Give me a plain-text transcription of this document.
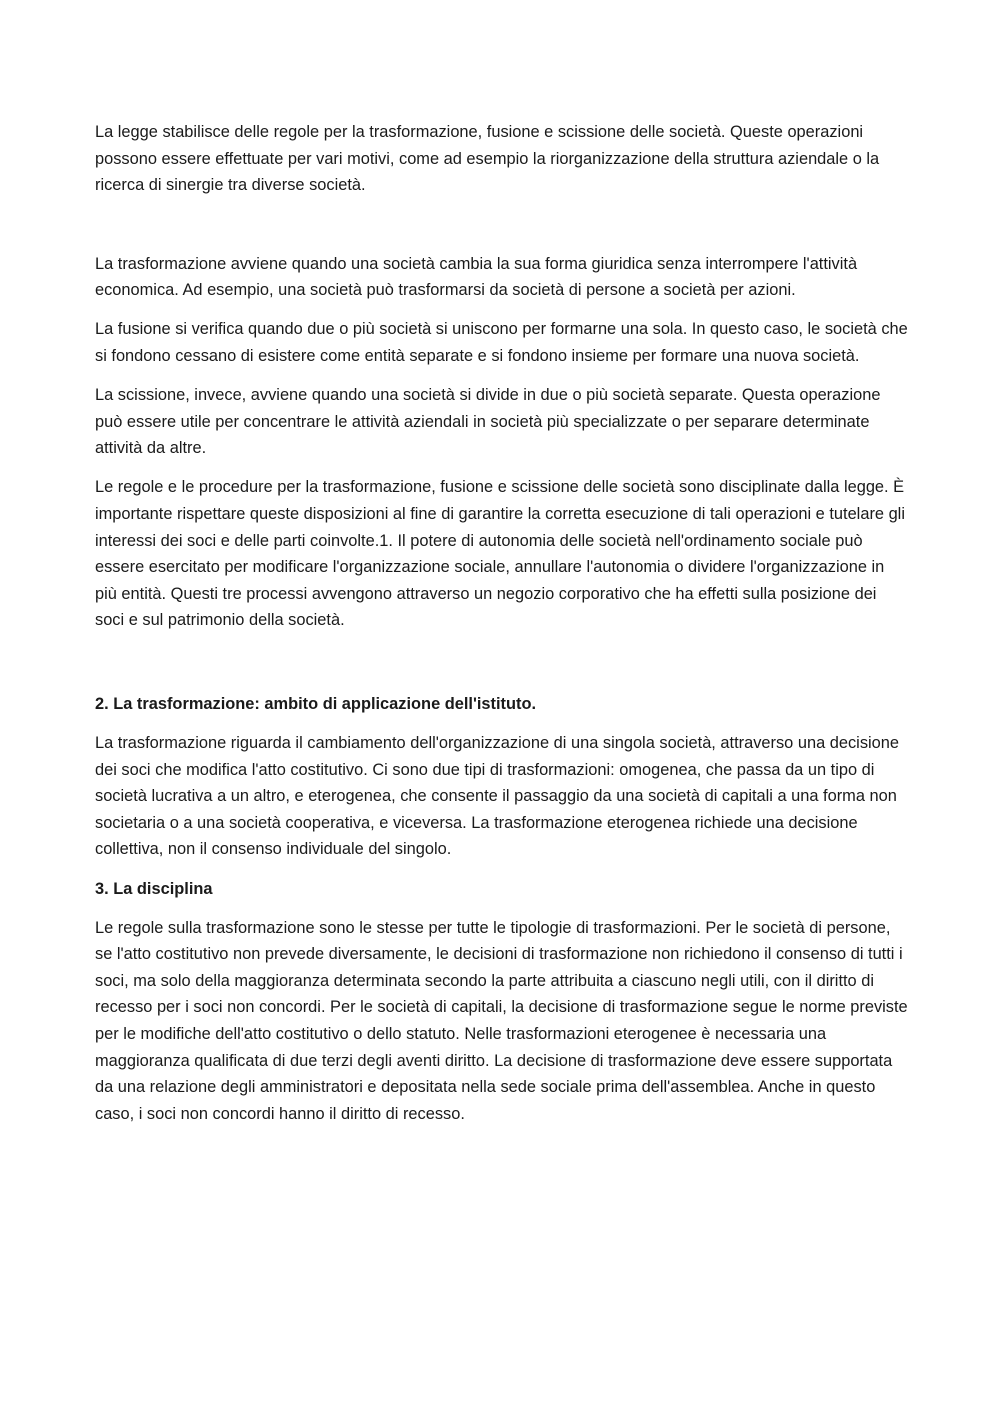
La legge stabilisce delle regole per la trasformazione, fusione e scissione delle società. Queste operazioni possono essere effettuate per vari motivi, come ad esempio la riorganizzazione della struttura aziendale o la ricerca di sinergie tra diverse società.

La trasformazione avviene quando una società cambia la sua forma giuridica senza interrompere l'attività economica. Ad esempio, una società può trasformarsi da società di persone a società per azioni.

La fusione si verifica quando due o più società si uniscono per formarne una sola. In questo caso, le società che si fondono cessano di esistere come entità separate e si fondono insieme per formare una nuova società.

La scissione, invece, avviene quando una società si divide in due o più società separate. Questa operazione può essere utile per concentrare le attività aziendali in società più specializzate o per separare determinate attività da altre.

Le regole e le procedure per la trasformazione, fusione e scissione delle società sono disciplinate dalla legge. È importante rispettare queste disposizioni al fine di garantire la corretta esecuzione di tali operazioni e tutelare gli interessi dei soci e delle parti coinvolte.1. Il potere di autonomia delle società nell'ordinamento sociale può essere esercitato per modificare l'organizzazione sociale, annullare l'autonomia o dividere l'organizzazione in più entità. Questi tre processi avvengono attraverso un negozio corporativo che ha effetti sulla posizione dei soci e sul patrimonio della società.

2. La trasformazione: ambito di applicazione dell'istituto.

La trasformazione riguarda il cambiamento dell'organizzazione di una singola società, attraverso una decisione dei soci che modifica l'atto costitutivo. Ci sono due tipi di trasformazioni: omogenea, che passa da un tipo di società lucrativa a un altro, e eterogenea, che consente il passaggio da una società di capitali a una forma non societaria o a una società cooperativa, e viceversa. La trasformazione eterogenea richiede una decisione collettiva, non il consenso individuale del singolo.

3. La disciplina

Le regole sulla trasformazione sono le stesse per tutte le tipologie di trasformazioni. Per le società di persone, se l'atto costitutivo non prevede diversamente, le decisioni di trasformazione non richiedono il consenso di tutti i soci, ma solo della maggioranza determinata secondo la parte attribuita a ciascuno negli utili, con il diritto di recesso per i soci non concordi. Per le società di capitali, la decisione di trasformazione segue le norme previste per le modifiche dell'atto costitutivo o dello statuto. Nelle trasformazioni eterogenee è necessaria una maggioranza qualificata di due terzi degli aventi diritto. La decisione di trasformazione deve essere supportata da una relazione degli amministratori e depositata nella sede sociale prima dell'assemblea. Anche in questo caso, i soci non concordi hanno il diritto di recesso.
